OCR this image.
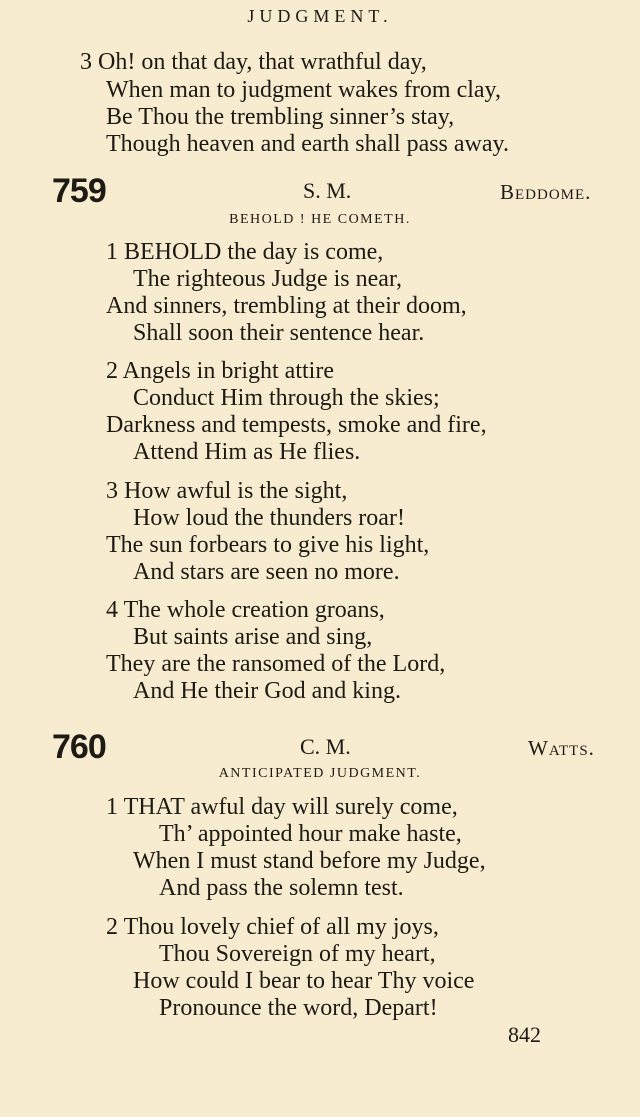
JUDGMENT.
3 Oh! on that day, that wrathful day,
When man to judgment wakes from clay,
Be Thou the trembling sinner’s stay,
Though heaven and earth shall pass away.
759	S. M.	Beddome.
BEHOLD ! HE COMETH.
1 BEHOLD the day is come,
The righteous Judge is near,
And sinners, trembling at their doom,
Shall soon their sentence hear.
2 Angels in bright attire
Conduct Him through the skies;
Darkness and tempests, smoke and fire,
Attend Him as He flies.
3 How awful is the sight,
How loud the thunders roar!
The sun forbears to give his light,
And stars are seen no more.
4 The whole creation groans,
But saints arise and sing,
They are the ransomed of the Lord,
And He their God and king.
760	C. M.	Watts.
ANTICIPATED JUDGMENT.
1 THAT awful day will surely come,
Th’ appointed hour make haste,
When I must stand before my Judge,
And pass the solemn test.
2 Thou lovely chief of all my joys,
Thou Sovereign of my heart,
How could I bear to hear Thy voice
Pronounce the word, Depart!
842
